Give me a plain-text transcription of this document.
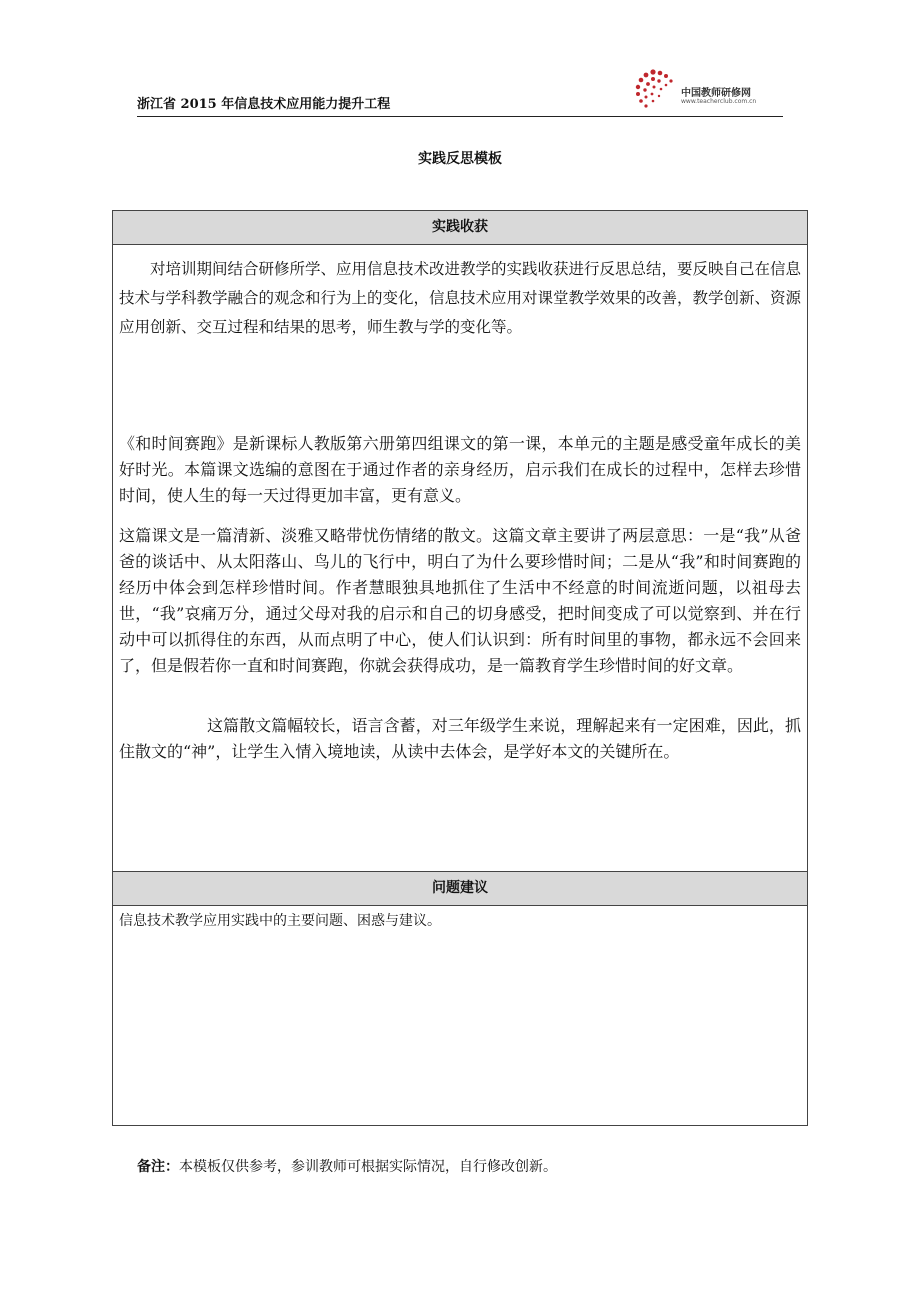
浙江省 2015 年信息技术应用能力提升工程
中国教师研修网
www.teacherclub.com.cn
实践反思模板
实践收获
对培训期间结合研修所学、应用信息技术改进教学的实践收获进行反思总结，要反映自己在信息技术与学科教学融合的观念和行为上的变化，信息技术应用对课堂教学效果的改善，教学创新、资源应用创新、交互过程和结果的思考，师生教与学的变化等。
《和时间赛跑》是新课标人教版第六册第四组课文的第一课，本单元的主题是感受童年成长的美好时光。本篇课文选编的意图在于通过作者的亲身经历，启示我们在成长的过程中，怎样去珍惜时间，使人生的每一天过得更加丰富，更有意义。
这篇课文是一篇清新、淡雅又略带忧伤情绪的散文。这篇文章主要讲了两层意思：一是“我”从爸爸的谈话中、从太阳落山、鸟儿的飞行中，明白了为什么要珍惜时间；二是从“我”和时间赛跑的经历中体会到怎样珍惜时间。作者慧眼独具地抓住了生活中不经意的时间流逝问题，以祖母去世，“我”哀痛万分，通过父母对我的启示和自己的切身感受，把时间变成了可以觉察到、并在行动中可以抓得住的东西，从而点明了中心，使人们认识到：所有时间里的事物，都永远不会回来了，但是假若你一直和时间赛跑，你就会获得成功，是一篇教育学生珍惜时间的好文章。
这篇散文篇幅较长，语言含蓄，对三年级学生来说，理解起来有一定困难，因此，抓住散文的“神”，让学生入情入境地读，从读中去体会，是学好本文的关键所在。
问题建议
信息技术教学应用实践中的主要问题、困惑与建议。
备注：本模板仅供参考，参训教师可根据实际情况，自行修改创新。
